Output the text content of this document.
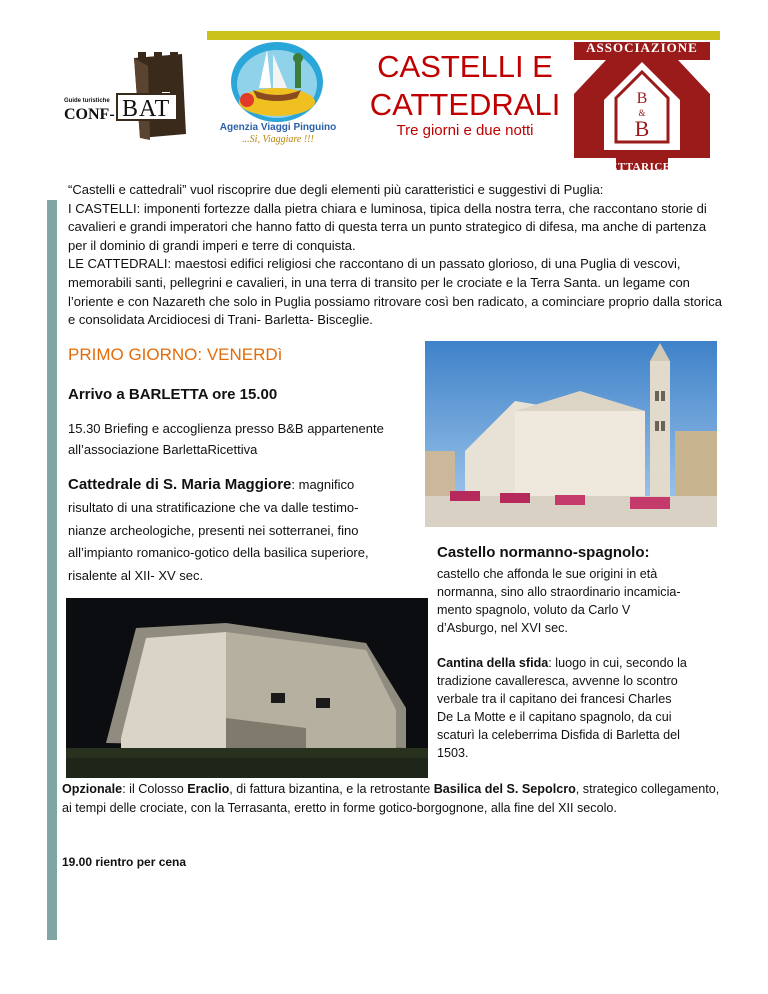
Guide turistiche
CONF- BAT
Agenzia Viaggi Pinguino
...Si, Viaggiare !!!
CASTELLI E
CATTEDRALI
Tre giorni e due notti
ASSOCIAZIONE
B
&
B
BARLETTARICETTIVA

“Castelli e cattedrali” vuol riscoprire due degli elementi più caratteristici e suggestivi di Puglia:

I CASTELLI: imponenti fortezze dalla pietra chiara e luminosa, tipica della nostra terra, che raccontano storie di cavalieri e grandi imperatori che hanno fatto di questa terra un punto strategico di difesa, ma anche di partenza per il dominio di grandi imperi e terre di conquista.

LE CATTEDRALI: maestosi edifici religiosi che raccontano di un passato glorioso, di una Puglia di vescovi, memorabili santi, pellegrini e cavalieri, in una terra di transito per le crociate e la Terra Santa. un legame con l’oriente e con Nazareth che solo in Puglia possiamo ritrovare così ben radicato, a cominciare proprio dalla storica e consolidata Arcidiocesi di Trani- Barletta- Bisceglie.

PRIMO GIORNO: VENERDì
Arrivo a BARLETTA ore 15.00
15.30 Briefing e accoglienza presso B&B appartenente
all’associazione BarlettaRicettiva
Cattedrale di S. Maria Maggiore: magnifico
risultato di una stratificazione che va dalle testimo-
nianze archeologiche, presenti nei sotterranei, fino
all’impianto romanico-gotico della basilica superiore,
risalente al XII- XV sec.
Castello normanno-spagnolo:
castello che affonda le sue origini in età
normanna, sino allo straordinario incamicia-
mento spagnolo, voluto da Carlo V
d’Asburgo, nel XVI sec.
Cantina della sfida: luogo in cui, secondo la
tradizione cavalleresca, avvenne lo scontro
verbale tra il capitano dei francesi Charles
De La Motte e il capitano spagnolo, da cui
scaturì la celeberrima Disfida di Barletta del
1503.
Opzionale: il Colosso Eraclio, di fattura bizantina, e la retrostante Basilica del S. Sepolcro, strategico collegamento, ai tempi delle crociate, con la Terrasanta, eretto in forme gotico-borgognone, alla fine del XII secolo.
19.00 rientro per cena
